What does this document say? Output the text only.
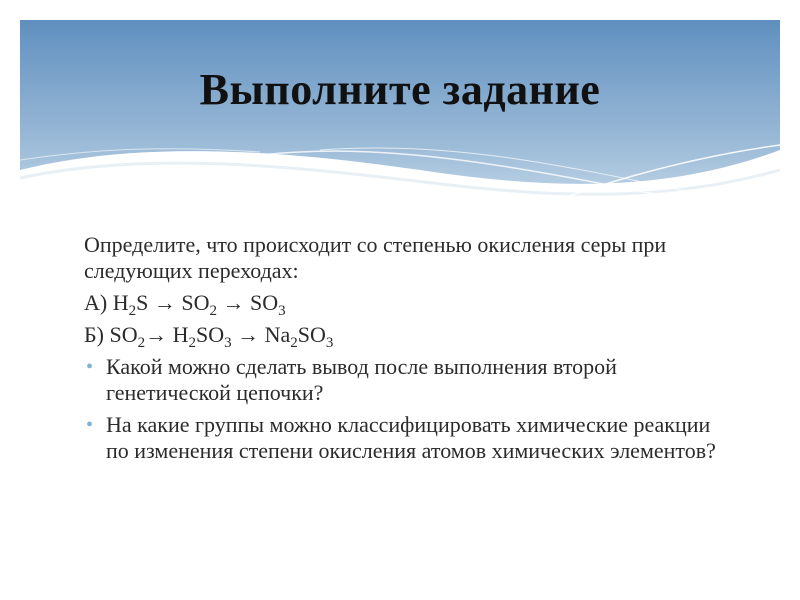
Выполните задание

Определите, что происходит со степенью окисления серы при следующих переходах:

А) $H_2S \to SO_2 \to SO_3$

Б) $SO_2\to H_2SO_3 \to Na_2SO_3$

• Какой можно сделать вывод после выполнения второй генетической цепочки?
• На какие группы можно классифицировать химические реакции по изменения степени окисления атомов химических элементов?
